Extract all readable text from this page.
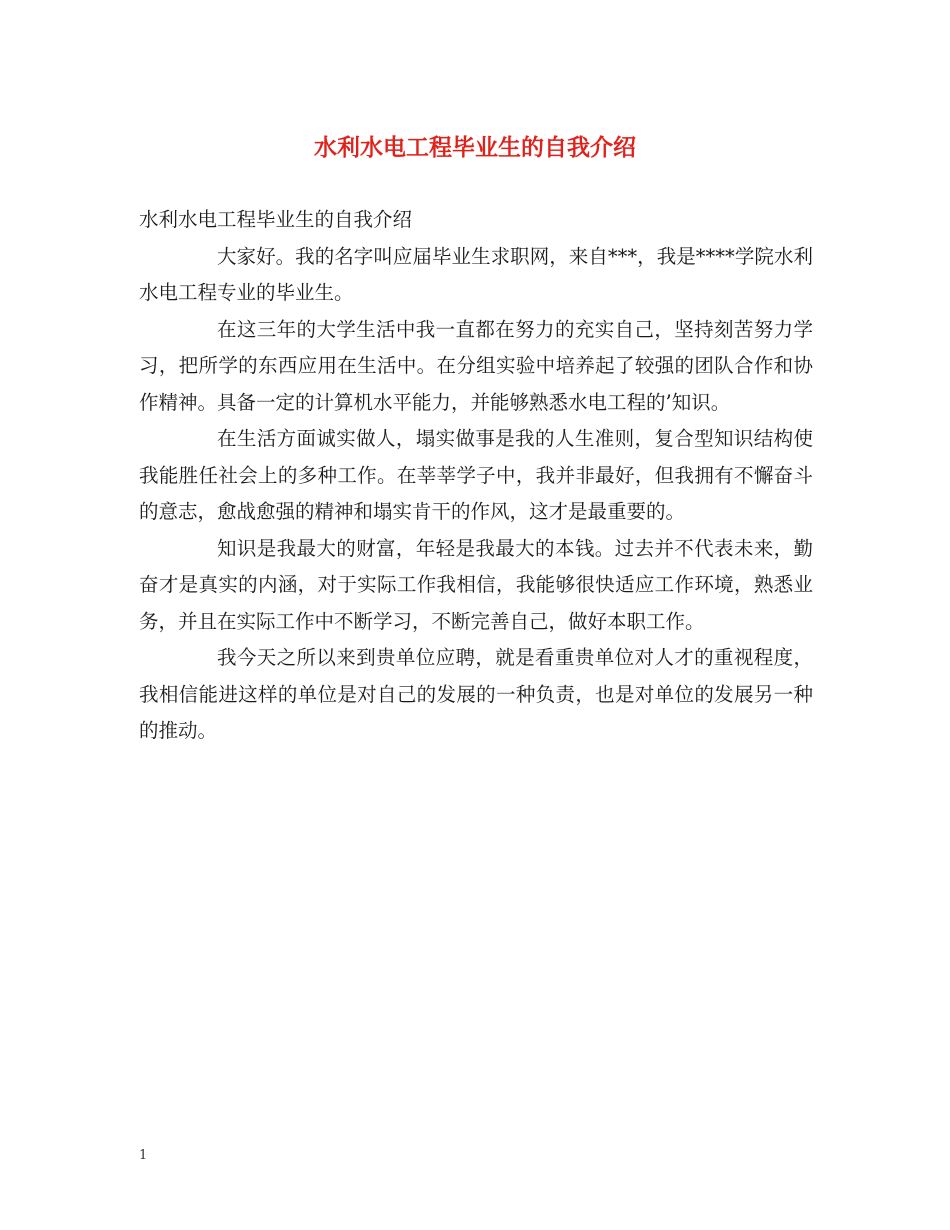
水利水电工程毕业生的自我介绍

水利水电工程毕业生的自我介绍

大家好。我的名字叫应届毕业生求职网，来自***，我是****学院水利水电工程专业的毕业生。

在这三年的大学生活中我一直都在努力的充实自己，坚持刻苦努力学习，把所学的东西应用在生活中。在分组实验中培养起了较强的团队合作和协作精神。具备一定的计算机水平能力，并能够熟悉水电工程的’知识。

在生活方面诚实做人，塌实做事是我的人生准则，复合型知识结构使我能胜任社会上的多种工作。在莘莘学子中，我并非最好，但我拥有不懈奋斗的意志，愈战愈强的精神和塌实肯干的作风，这才是最重要的。

知识是我最大的财富，年轻是我最大的本钱。过去并不代表未来，勤奋才是真实的内涵，对于实际工作我相信，我能够很快适应工作环境，熟悉业务，并且在实际工作中不断学习，不断完善自己，做好本职工作。

我今天之所以来到贵单位应聘，就是看重贵单位对人才的重视程度，我相信能进这样的单位是对自己的发展的一种负责，也是对单位的发展另一种的推动。

1
